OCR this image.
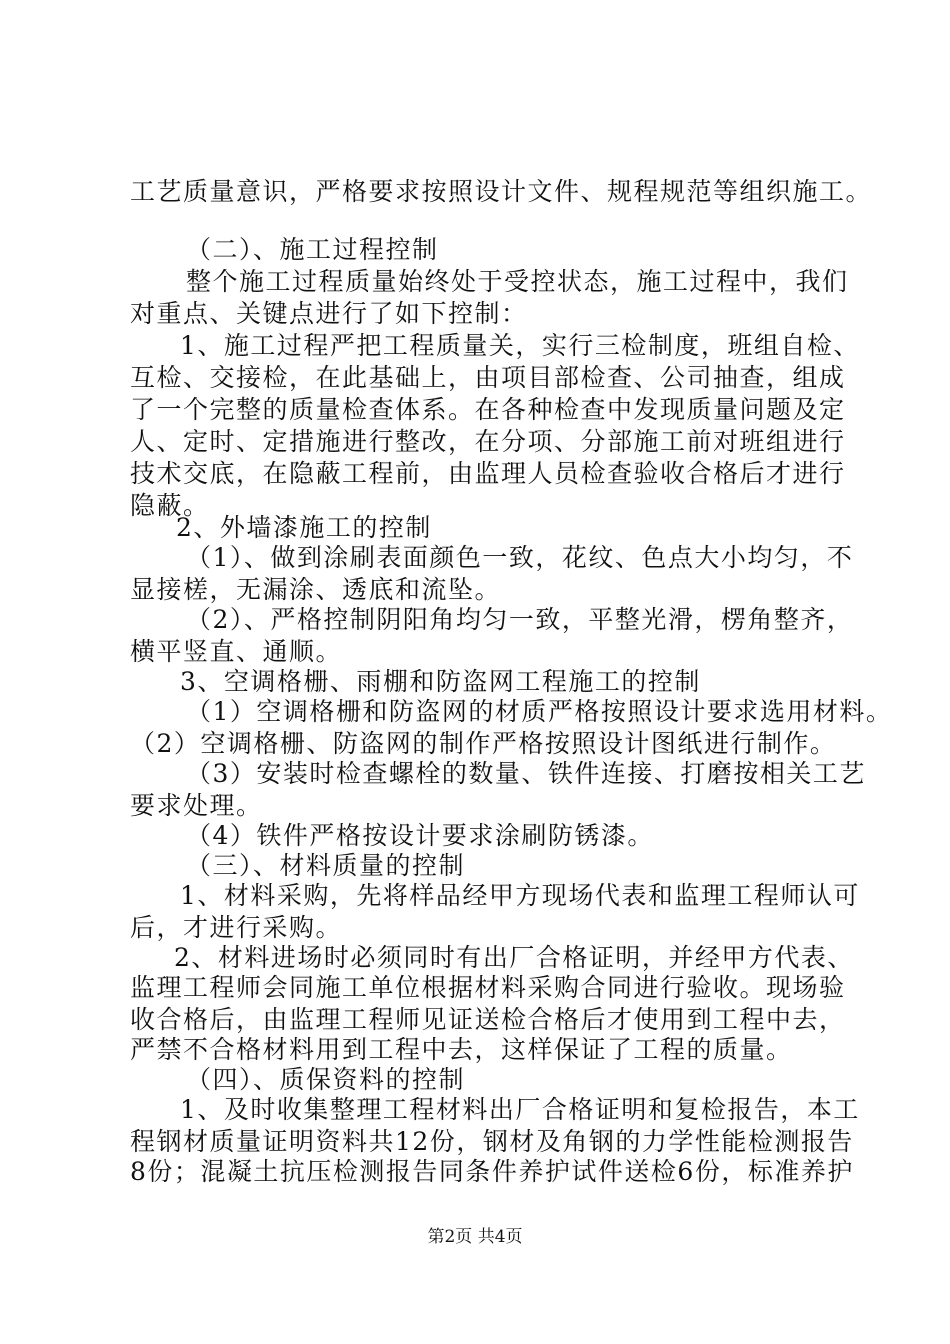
工艺质量意识，严格要求按照设计文件、规程规范等组织施工。
（二）、施工过程控制
整个施工过程质量始终处于受控状态，施工过程中，我们
对重点、关键点进行了如下控制：
1、施工过程严把工程质量关，实行三检制度，班组自检、
互检、交接检，在此基础上，由项目部检查、公司抽查，组成
了一个完整的质量检查体系。在各种检查中发现质量问题及定
人、定时、定措施进行整改，在分项、分部施工前对班组进行
技术交底，在隐蔽工程前，由监理人员检查验收合格后才进行
隐蔽。
2、外墙漆施工的控制
（1）、做到涂刷表面颜色一致，花纹、色点大小均匀，不
显接槎，无漏涂、透底和流坠。
（2）、严格控制阴阳角均匀一致，平整光滑，楞角整齐，
横平竖直、通顺。
3、空调格栅、雨棚和防盗网工程施工的控制
（1）空调格栅和防盗网的材质严格按照设计要求选用材料。
（2）空调格栅、防盗网的制作严格按照设计图纸进行制作。
（3）安装时检查螺栓的数量、铁件连接、打磨按相关工艺
要求处理。
（4）铁件严格按设计要求涂刷防锈漆。
（三）、材料质量的控制
1、材料采购，先将样品经甲方现场代表和监理工程师认可
后，才进行采购。
2、材料进场时必须同时有出厂合格证明，并经甲方代表、
监理工程师会同施工单位根据材料采购合同进行验收。现场验
收合格后，由监理工程师见证送检合格后才使用到工程中去，
严禁不合格材料用到工程中去，这样保证了工程的质量。
（四）、质保资料的控制
1、及时收集整理工程材料出厂合格证明和复检报告，本工
程钢材质量证明资料共12份，钢材及角钢的力学性能检测报告
8份；混凝土抗压检测报告同条件养护试件送检6份，标准养护
第2页 共4页
